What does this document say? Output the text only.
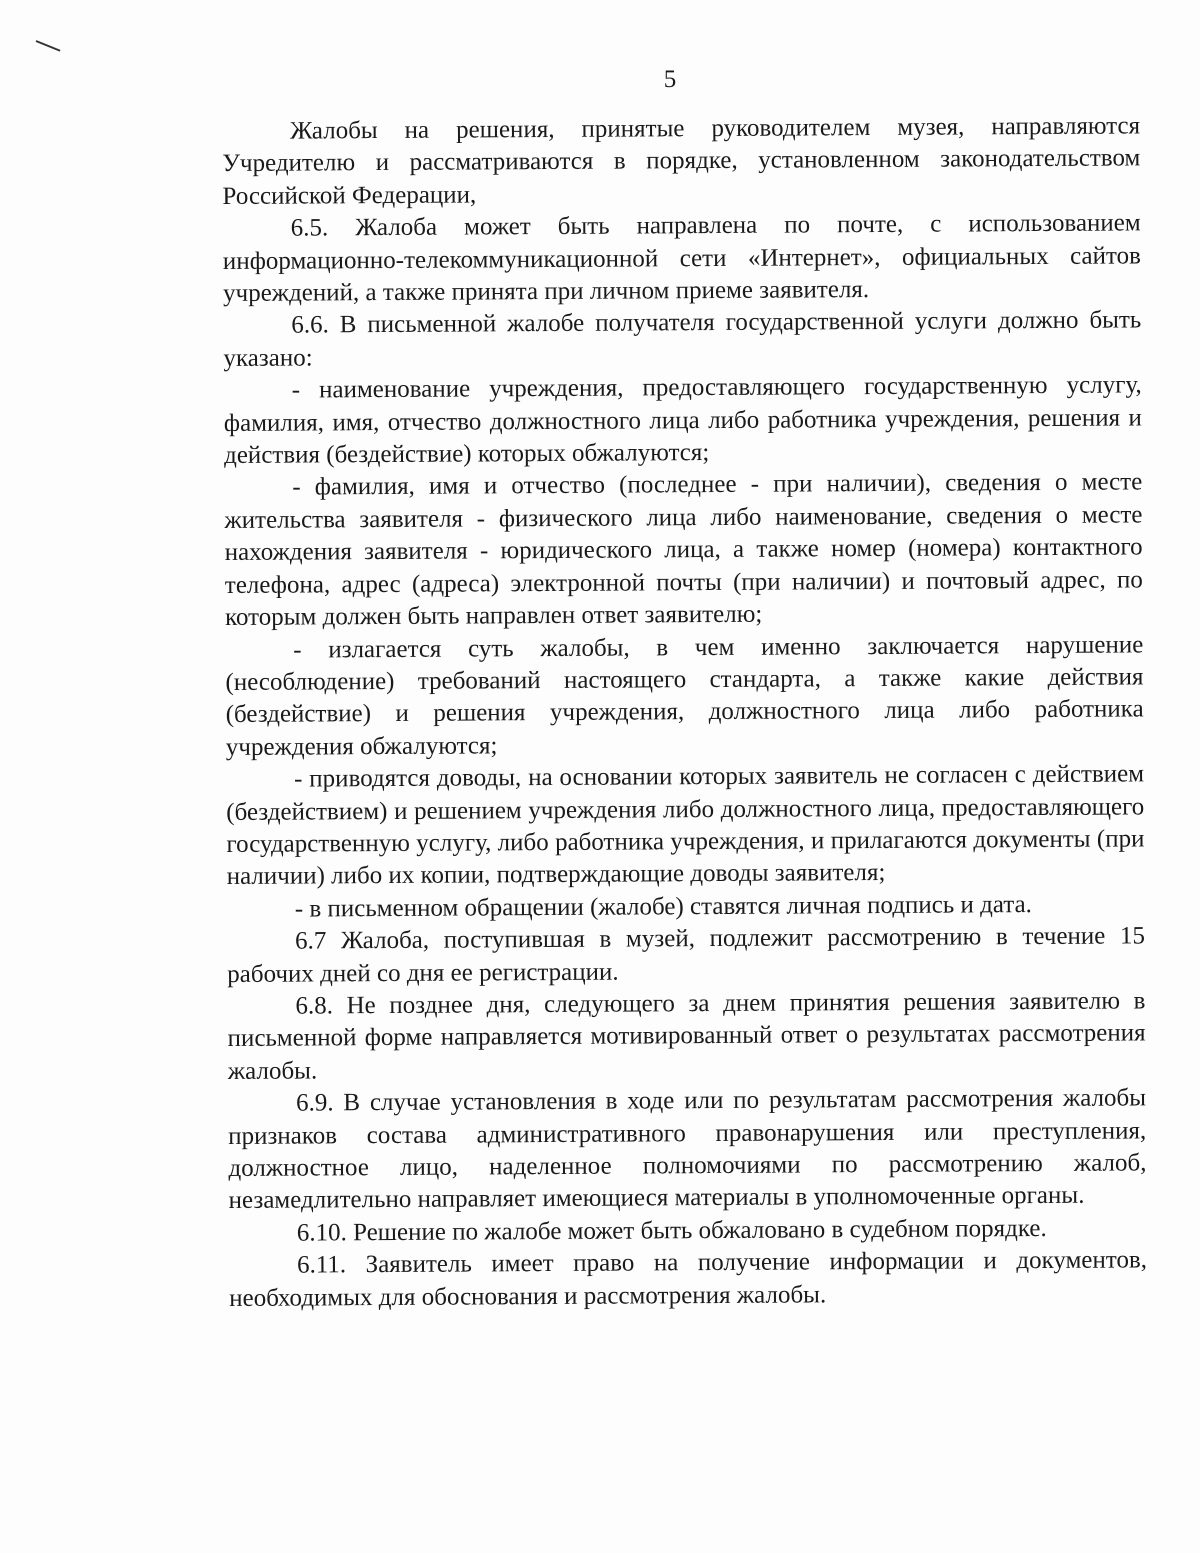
5

Жалобы на решения, принятые руководителем музея, направляются Учредителю и рассматриваются в порядке, установленном законодательством Российской Федерации,

6.5. Жалоба может быть направлена по почте, с использованием информационно-телекоммуникационной сети «Интернет», официальных сайтов учреждений, а также принята при личном приеме заявителя.

6.6. В письменной жалобе получателя государственной услуги должно быть указано:

- наименование учреждения, предоставляющего государственную услугу, фамилия, имя, отчество должностного лица либо работника учреждения, решения и действия (бездействие) которых обжалуются;

- фамилия, имя и отчество (последнее - при наличии), сведения о месте жительства заявителя - физического лица либо наименование, сведения о месте нахождения заявителя - юридического лица, а также номер (номера) контактного телефона, адрес (адреса) электронной почты (при наличии) и почтовый адрес, по которым должен быть направлен ответ заявителю;

- излагается суть жалобы, в чем именно заключается нарушение (несоблюдение) требований настоящего стандарта, а также какие действия (бездействие) и решения учреждения, должностного лица либо работника учреждения обжалуются;

- приводятся доводы, на основании которых заявитель не согласен с действием (бездействием) и решением учреждения либо должностного лица, предоставляющего государственную услугу, либо работника учреждения, и прилагаются документы (при наличии) либо их копии, подтверждающие доводы заявителя;

- в письменном обращении (жалобе) ставятся личная подпись и дата.

6.7 Жалоба, поступившая в музей, подлежит рассмотрению в течение 15 рабочих дней со дня ее регистрации.

6.8. Не позднее дня, следующего за днем принятия решения заявителю в письменной форме направляется мотивированный ответ о результатах рассмотрения жалобы.

6.9. В случае установления в ходе или по результатам рассмотрения жалобы признаков состава административного правонарушения или преступления, должностное лицо, наделенное полномочиями по рассмотрению жалоб, незамедлительно направляет имеющиеся материалы в уполномоченные органы.

6.10. Решение по жалобе может быть обжаловано в судебном порядке.

6.11. Заявитель имеет право на получение информации и документов, необходимых для обоснования и рассмотрения жалобы.
